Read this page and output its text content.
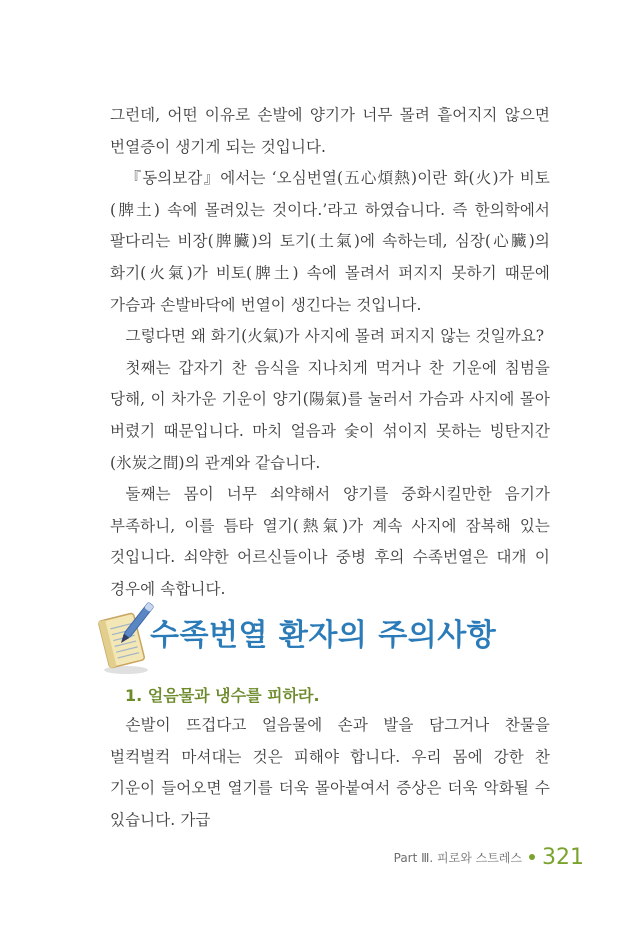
그런데, 어떤 이유로 손발에 양기가 너무 몰려 흩어지지 않으면 번열증이 생기게 되는 것입니다.

『동의보감』에서는 ‘오심번열(五心煩熱)이란 화(火)가 비토(脾土) 속에 몰려있는 것이다.’라고 하였습니다. 즉 한의학에서 팔다리는 비장(脾臟)의 토기(土氣)에 속하는데, 심장(心臟)의 화기(火氣)가 비토(脾土) 속에 몰려서 퍼지지 못하기 때문에 가슴과 손발바닥에 번열이 생긴다는 것입니다.

그렇다면 왜 화기(火氣)가 사지에 몰려 퍼지지 않는 것일까요?

첫째는 갑자기 찬 음식을 지나치게 먹거나 찬 기운에 침범을 당해, 이 차가운 기운이 양기(陽氣)를 눌러서 가슴과 사지에 몰아 버렸기 때문입니다. 마치 얼음과 숯이 섞이지 못하는 빙탄지간(氷炭之間)의 관계와 같습니다.

둘째는 몸이 너무 쇠약해서 양기를 중화시킬만한 음기가 부족하니, 이를 틈타 열기(熱氣)가 계속 사지에 잠복해 있는 것입니다. 쇠약한 어르신들이나 중병 후의 수족번열은 대개 이 경우에 속합니다.

수족번열 환자의 주의사항
1. 얼음물과 냉수를 피하라.

손발이 뜨겁다고 얼음물에 손과 발을 담그거나 찬물을 벌컥벌컥 마셔대는 것은 피해야 합니다. 우리 몸에 강한 찬 기운이 들어오면 열기를 더욱 몰아붙여서 증상은 더욱 악화될 수 있습니다. 가급

Part Ⅲ. 피로와 스트레스 321
